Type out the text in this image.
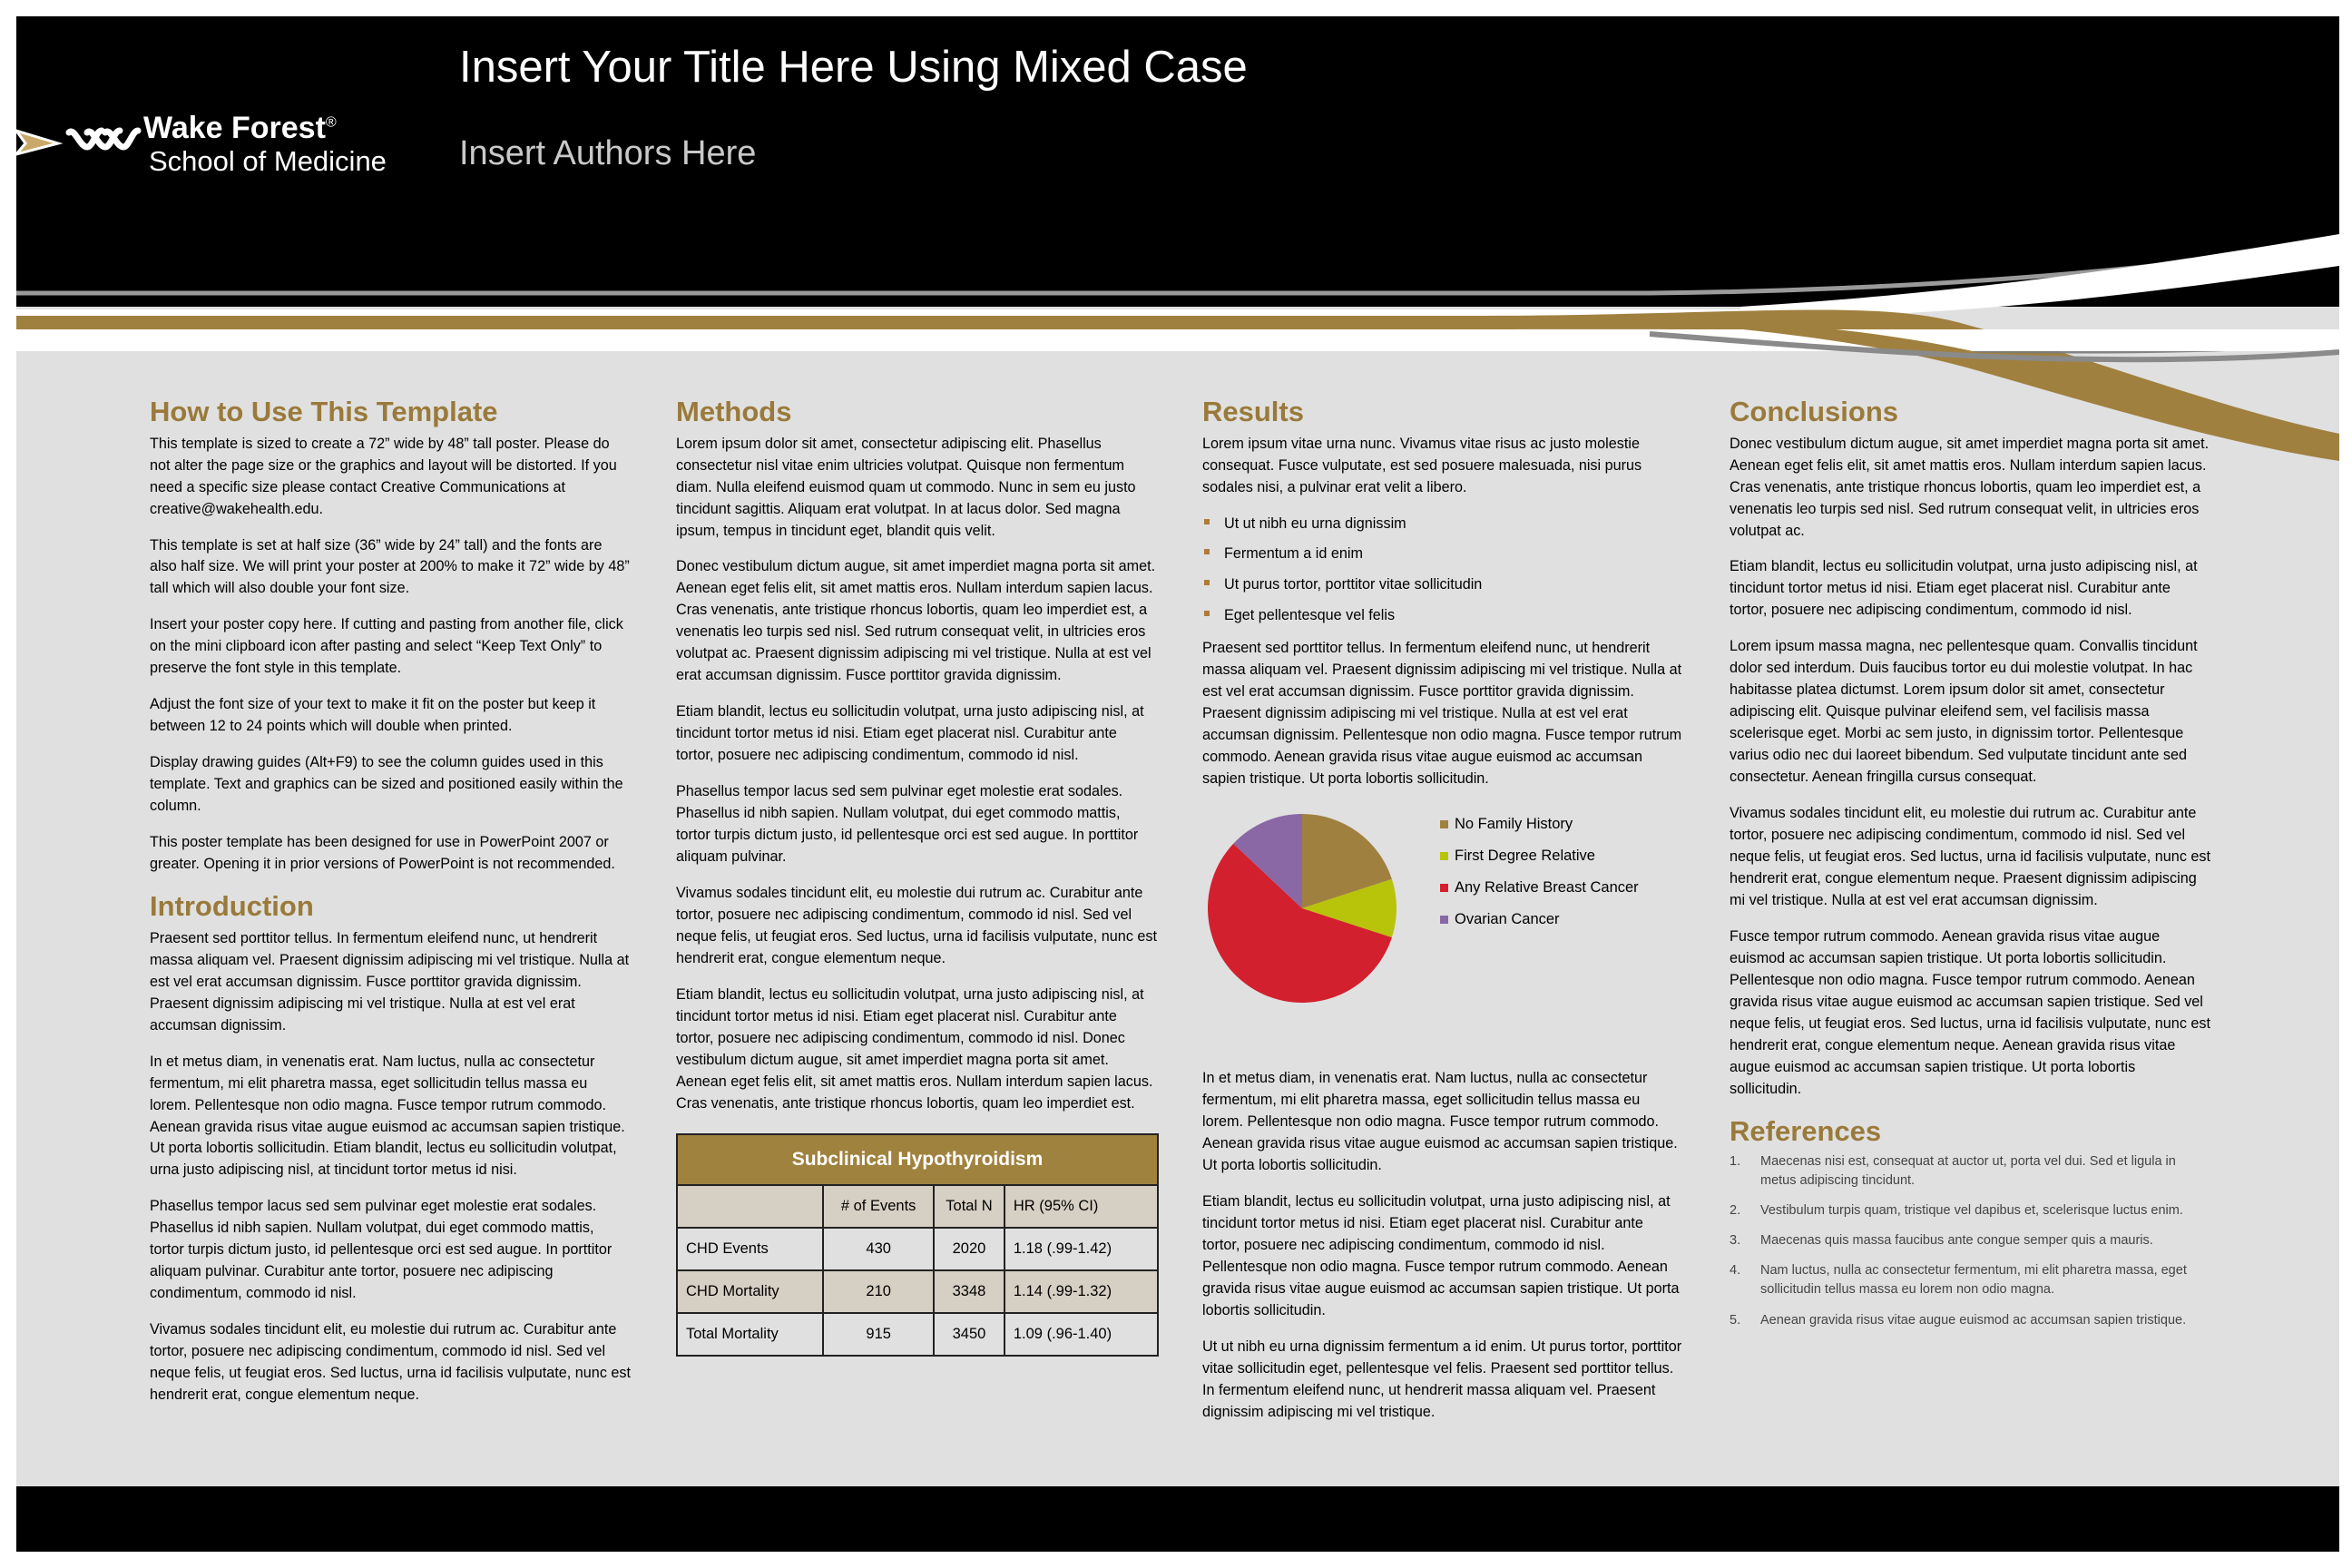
Wake Forest®
School of Medicine
Insert Your Title Here Using Mixed Case
Insert Authors Here
How to Use This Template

This template is sized to create a 72” wide by 48” tall poster. Please do not alter the page size or the graphics and layout will be distorted. If you need a specific size please contact Creative Communications at creative@wakehealth.edu.

This template is set at half size (36” wide by 24” tall) and the fonts are also half size. We will print your poster at 200% to make it 72” wide by 48” tall which will also double your font size.

Insert your poster copy here. If cutting and pasting from another file, click on the mini clipboard icon after pasting and select “Keep Text Only” to preserve the font style in this template.

Adjust the font size of your text to make it fit on the poster but keep it between 12 to 24 points which will double when printed.

Display drawing guides (Alt+F9) to see the column guides used in this template. Text and graphics can be sized and positioned easily within the column.

This poster template has been designed for use in PowerPoint 2007 or greater. Opening it in prior versions of PowerPoint is not recommended.

Introduction

Praesent sed porttitor tellus. In fermentum eleifend nunc, ut hendrerit massa aliquam vel. Praesent dignissim adipiscing mi vel tristique. Nulla at est vel erat accumsan dignissim. Fusce porttitor gravida dignissim. Praesent dignissim adipiscing mi vel tristique. Nulla at est vel erat accumsan dignissim.

In et metus diam, in venenatis erat. Nam luctus, nulla ac consectetur fermentum, mi elit pharetra massa, eget sollicitudin tellus massa eu lorem. Pellentesque non odio magna. Fusce tempor rutrum commodo. Aenean gravida risus vitae augue euismod ac accumsan sapien tristique. Ut porta lobortis sollicitudin. Etiam blandit, lectus eu sollicitudin volutpat, urna justo adipiscing nisl, at tincidunt tortor metus id nisi.

Phasellus tempor lacus sed sem pulvinar eget molestie erat sodales. Phasellus id nibh sapien. Nullam volutpat, dui eget commodo mattis, tortor turpis dictum justo, id pellentesque orci est sed augue. In porttitor aliquam pulvinar. Curabitur ante tortor, posuere nec adipiscing condimentum, commodo id nisl.

Vivamus sodales tincidunt elit, eu molestie dui rutrum ac. Curabitur ante tortor, posuere nec adipiscing condimentum, commodo id nisl. Sed vel neque felis, ut feugiat eros. Sed luctus, urna id facilisis vulputate, nunc est hendrerit erat, congue elementum neque.

Methods

Lorem ipsum dolor sit amet, consectetur adipiscing elit. Phasellus consectetur nisl vitae enim ultricies volutpat. Quisque non fermentum diam. Nulla eleifend euismod quam ut commodo. Nunc in sem eu justo tincidunt sagittis. Aliquam erat volutpat. In at lacus dolor. Sed magna ipsum, tempus in tincidunt eget, blandit quis velit.

Donec vestibulum dictum augue, sit amet imperdiet magna porta sit amet. Aenean eget felis elit, sit amet mattis eros. Nullam interdum sapien lacus. Cras venenatis, ante tristique rhoncus lobortis, quam leo imperdiet est, a venenatis leo turpis sed nisl. Sed rutrum consequat velit, in ultricies eros volutpat ac. Praesent dignissim adipiscing mi vel tristique. Nulla at est vel erat accumsan dignissim. Fusce porttitor gravida dignissim.

Etiam blandit, lectus eu sollicitudin volutpat, urna justo adipiscing nisl, at tincidunt tortor metus id nisi. Etiam eget placerat nisl. Curabitur ante tortor, posuere nec adipiscing condimentum, commodo id nisl.

Phasellus tempor lacus sed sem pulvinar eget molestie erat sodales. Phasellus id nibh sapien. Nullam volutpat, dui eget commodo mattis, tortor turpis dictum justo, id pellentesque orci est sed augue. In porttitor aliquam pulvinar.

Vivamus sodales tincidunt elit, eu molestie dui rutrum ac. Curabitur ante tortor, posuere nec adipiscing condimentum, commodo id nisl. Sed vel neque felis, ut feugiat eros. Sed luctus, urna id facilisis vulputate, nunc est hendrerit erat, congue elementum neque.

Etiam blandit, lectus eu sollicitudin volutpat, urna justo adipiscing nisl, at tincidunt tortor metus id nisi. Etiam eget placerat nisl. Curabitur ante tortor, posuere nec adipiscing condimentum, commodo id nisl. Donec vestibulum dictum augue, sit amet imperdiet magna porta sit amet. Aenean eget felis elit, sit amet mattis eros. Nullam interdum sapien lacus. Cras venenatis, ante tristique rhoncus lobortis, quam leo imperdiet est.

Subclinical Hypothyroidism			
	# of Events	Total N	HR (95% CI)
CHD Events	430	2020	1.18 (.99-1.42)
CHD Mortality	210	3348	1.14 (.99-1.32)
Total Mortality	915	3450	1.09 (.96-1.40)
Results

Lorem ipsum vitae urna nunc. Vivamus vitae risus ac justo molestie consequat. Fusce vulputate, est sed posuere malesuada, nisi purus sodales nisi, a pulvinar erat velit a libero.

Ut ut nibh eu urna dignissim
Fermentum a id enim
Ut purus tortor, porttitor vitae sollicitudin
Eget pellentesque vel felis

Praesent sed porttitor tellus. In fermentum eleifend nunc, ut hendrerit massa aliquam vel. Praesent dignissim adipiscing mi vel tristique. Nulla at est vel erat accumsan dignissim. Fusce porttitor gravida dignissim. Praesent dignissim adipiscing mi vel tristique. Nulla at est vel erat accumsan dignissim. Pellentesque non odio magna. Fusce tempor rutrum commodo. Aenean gravida risus vitae augue euismod ac accumsan sapien tristique. Ut porta lobortis sollicitudin.

No Family History
First Degree Relative
Any Relative Breast Cancer
Ovarian Cancer

In et metus diam, in venenatis erat. Nam luctus, nulla ac consectetur fermentum, mi elit pharetra massa, eget sollicitudin tellus massa eu lorem. Pellentesque non odio magna. Fusce tempor rutrum commodo. Aenean gravida risus vitae augue euismod ac accumsan sapien tristique. Ut porta lobortis sollicitudin.

Etiam blandit, lectus eu sollicitudin volutpat, urna justo adipiscing nisl, at tincidunt tortor metus id nisi. Etiam eget placerat nisl. Curabitur ante tortor, posuere nec adipiscing condimentum, commodo id nisl. Pellentesque non odio magna. Fusce tempor rutrum commodo. Aenean gravida risus vitae augue euismod ac accumsan sapien tristique. Ut porta lobortis sollicitudin.

Ut ut nibh eu urna dignissim fermentum a id enim. Ut purus tortor, porttitor vitae sollicitudin eget, pellentesque vel felis. Praesent sed porttitor tellus. In fermentum eleifend nunc, ut hendrerit massa aliquam vel. Praesent dignissim adipiscing mi vel tristique.

Conclusions

Donec vestibulum dictum augue, sit amet imperdiet magna porta sit amet. Aenean eget felis elit, sit amet mattis eros. Nullam interdum sapien lacus. Cras venenatis, ante tristique rhoncus lobortis, quam leo imperdiet est, a venenatis leo turpis sed nisl. Sed rutrum consequat velit, in ultricies eros volutpat ac.

Etiam blandit, lectus eu sollicitudin volutpat, urna justo adipiscing nisl, at tincidunt tortor metus id nisi. Etiam eget placerat nisl. Curabitur ante tortor, posuere nec adipiscing condimentum, commodo id nisl.

Lorem ipsum massa magna, nec pellentesque quam. Convallis tincidunt dolor sed interdum. Duis faucibus tortor eu dui molestie volutpat. In hac habitasse platea dictumst. Lorem ipsum dolor sit amet, consectetur adipiscing elit. Quisque pulvinar eleifend sem, vel facilisis massa scelerisque eget. Morbi ac sem justo, in dignissim tortor. Pellentesque varius odio nec dui laoreet bibendum. Sed vulputate tincidunt ante sed consectetur. Aenean fringilla cursus consequat.

Vivamus sodales tincidunt elit, eu molestie dui rutrum ac. Curabitur ante tortor, posuere nec adipiscing condimentum, commodo id nisl. Sed vel neque felis, ut feugiat eros. Sed luctus, urna id facilisis vulputate, nunc est hendrerit erat, congue elementum neque. Praesent dignissim adipiscing mi vel tristique. Nulla at est vel erat accumsan dignissim.

Fusce tempor rutrum commodo. Aenean gravida risus vitae augue euismod ac accumsan sapien tristique. Ut porta lobortis sollicitudin. Pellentesque non odio magna. Fusce tempor rutrum commodo. Aenean gravida risus vitae augue euismod ac accumsan sapien tristique. Sed vel neque felis, ut feugiat eros. Sed luctus, urna id facilisis vulputate, nunc est hendrerit erat, congue elementum neque. Aenean gravida risus vitae augue euismod ac accumsan sapien tristique. Ut porta lobortis sollicitudin.

References
1. Maecenas nisi est, consequat at auctor ut, porta vel dui. Sed et ligula in metus adipiscing tincidunt.
2. Vestibulum turpis quam, tristique vel dapibus et, scelerisque luctus enim.
3. Maecenas quis massa faucibus ante congue semper quis a mauris.
4. Nam luctus, nulla ac consectetur fermentum, mi elit pharetra massa, eget sollicitudin tellus massa eu lorem non odio magna.
5. Aenean gravida risus vitae augue euismod ac accumsan sapien tristique.
